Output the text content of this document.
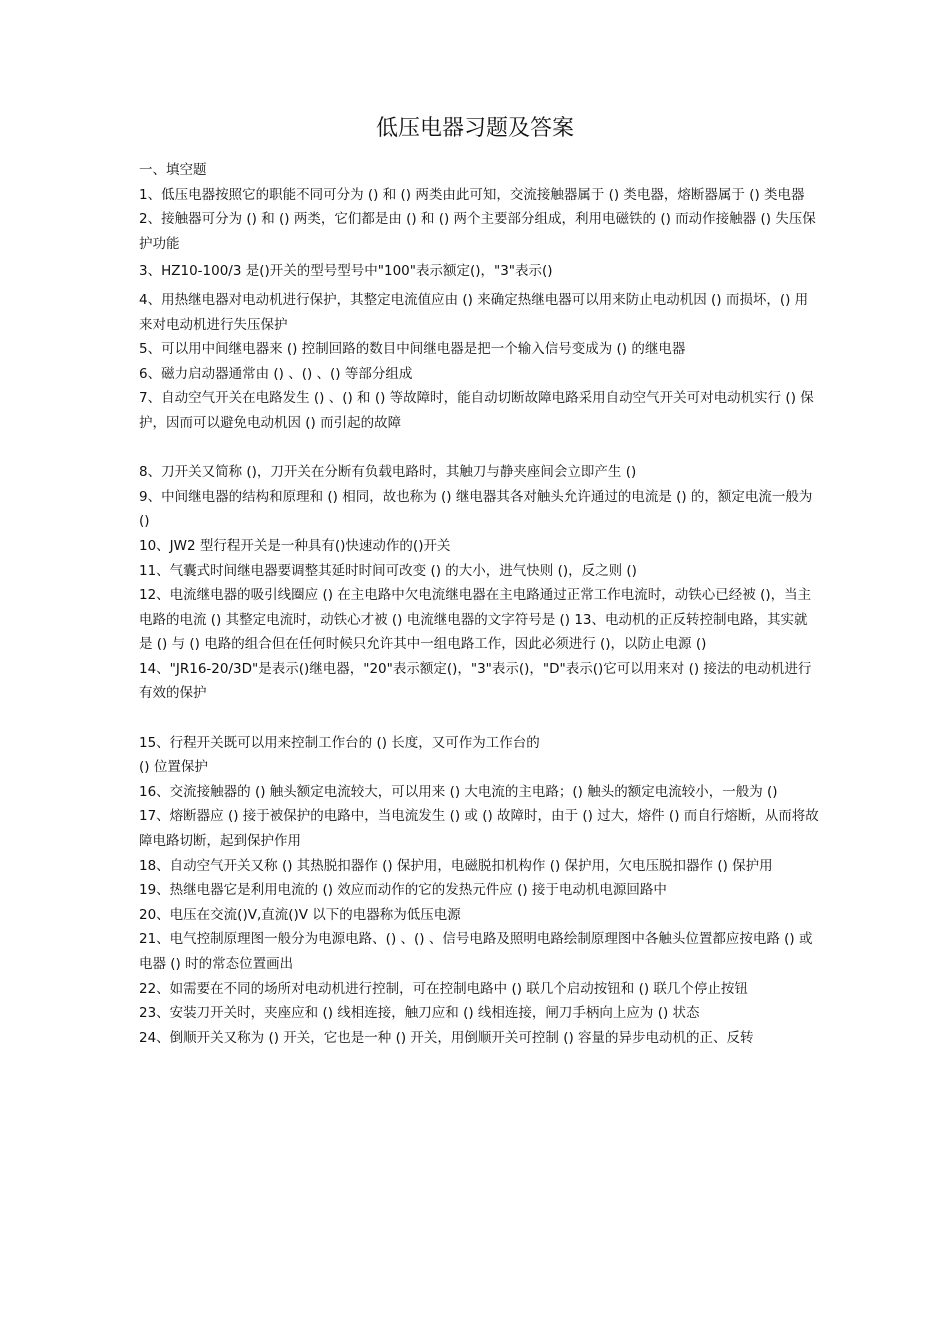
低压电器习题及答案

一、填空题

1、低压电器按照它的职能不同可分为 () 和 () 两类由此可知，交流接触器属于 () 类电器，熔断器属于 () 类电器

2、接触器可分为 () 和 () 两类，它们都是由 () 和 () 两个主要部分组成，利用电磁铁的 () 而动作接触器 () 失压保护功能

3、HZ10-100/3 是()开关的型号型号中"100"表示额定()，"3"表示()

4、用热继电器对电动机进行保护，其整定电流值应由 () 来确定热继电器可以用来防止电动机因 () 而损坏，() 用来对电动机进行失压保护

5、可以用中间继电器来 () 控制回路的数目中间继电器是把一个输入信号变成为 () 的继电器

6、磁力启动器通常由 () 、() 、() 等部分组成

7、自动空气开关在电路发生 () 、() 和 () 等故障时，能自动切断故障电路采用自动空气开关可对电动机实行 () 保护，因而可以避免电动机因 () 而引起的故障

8、刀开关又简称 ()，刀开关在分断有负载电路时，其触刀与静夹座间会立即产生 ()

9、中间继电器的结构和原理和 () 相同，故也称为 () 继电器其各对触头允许通过的电流是 () 的，额定电流一般为 ()

10、JW2 型行程开关是一种具有()快速动作的()开关

11、气囊式时间继电器要调整其延时时间可改变 () 的大小，进气快则 ()，反之则 ()

12、电流继电器的吸引线圈应 () 在主电路中欠电流继电器在主电路通过正常工作电流时，动铁心已经被 ()，当主电路的电流 () 其整定电流时，动铁心才被 () 电流继电器的文字符号是 () 13、电动机的正反转控制电路，其实就是 () 与 () 电路的组合但在任何时候只允许其中一组电路工作，因此必须进行 ()，以防止电源 ()

14、"JR16-20/3D"是表示()继电器，"20"表示额定()，"3"表示()，"D"表示()它可以用来对 () 接法的电动机进行有效的保护

15、行程开关既可以用来控制工作台的 () 长度，又可作为工作台的

() 位置保护

16、交流接触器的 () 触头额定电流较大，可以用来 () 大电流的主电路；() 触头的额定电流较小，一般为 ()

17、熔断器应 () 接于被保护的电路中，当电流发生 () 或 () 故障时，由于 () 过大，熔件 () 而自行熔断，从而将故障电路切断，起到保护作用

18、自动空气开关又称 () 其热脱扣器作 () 保护用，电磁脱扣机构作 () 保护用，欠电压脱扣器作 () 保护用

19、热继电器它是利用电流的 () 效应而动作的它的发热元件应 () 接于电动机电源回路中

20、电压在交流()V,直流()V 以下的电器称为低压电源

21、电气控制原理图一般分为电源电路、() 、() 、信号电路及照明电路绘制原理图中各触头位置都应按电路 () 或电器 () 时的常态位置画出

22、如需要在不同的场所对电动机进行控制，可在控制电路中 () 联几个启动按钮和 () 联几个停止按钮

23、安装刀开关时，夹座应和 () 线相连接，触刀应和 () 线相连接，闸刀手柄向上应为 () 状态

24、倒顺开关又称为 () 开关，它也是一种 () 开关，用倒顺开关可控制 () 容量的异步电动机的正、反转
